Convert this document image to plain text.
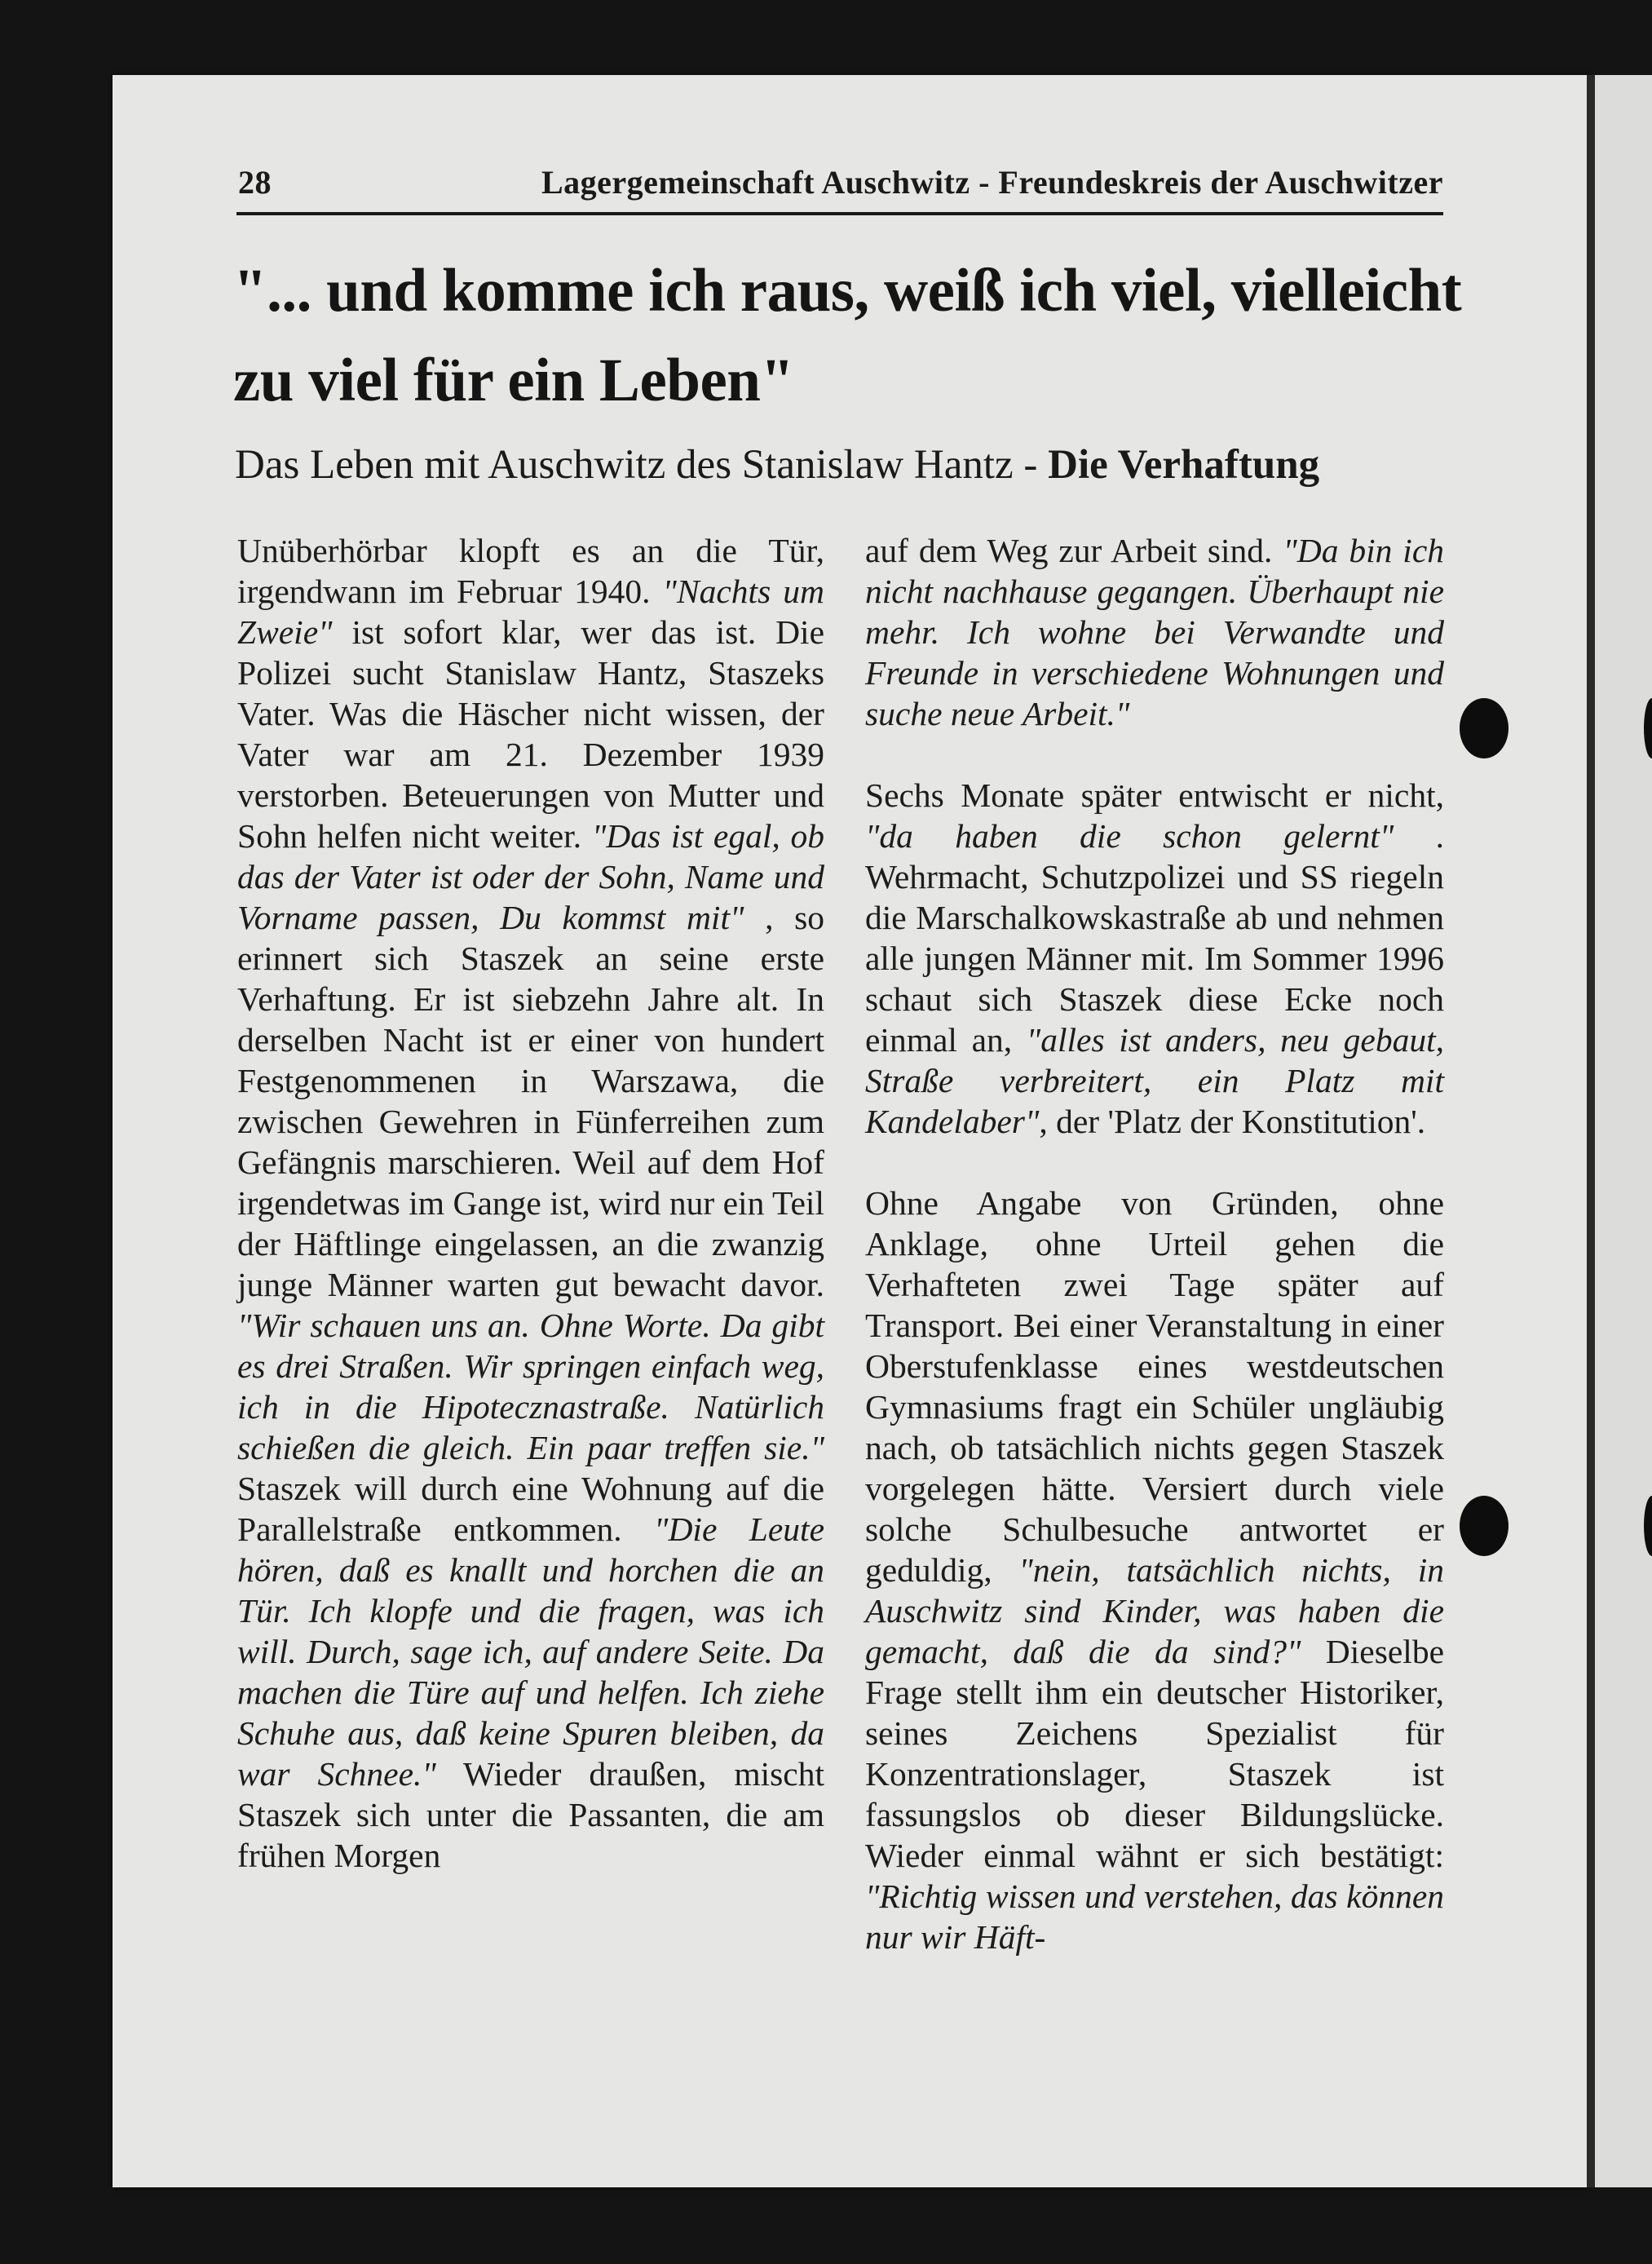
28	Lagergemeinschaft Auschwitz - Freundeskreis der Auschwitzer
"... und komme ich raus, weiß ich viel, vielleicht
zu viel für ein Leben"

Das Leben mit Auschwitz des Stanislaw Hantz - Die Verhaftung

Unüberhörbar klopft es an die Tür, irgendwann im Februar 1940. "Nachts um Zweie" ist sofort klar, wer das ist. Die Polizei sucht Stanislaw Hantz, Staszeks Vater. Was die Häscher nicht wissen, der Vater war am 21. Dezember 1939 verstorben. Beteuerungen von Mutter und Sohn helfen nicht weiter. "Das ist egal, ob das der Vater ist oder der Sohn, Name und Vorname passen, Du kommst mit" , so erinnert sich Staszek an seine erste Verhaftung. Er ist siebzehn Jahre alt. In derselben Nacht ist er einer von hundert Festgenommenen in Warszawa, die zwischen Gewehren in Fünferreihen zum Gefängnis marschieren. Weil auf dem Hof irgendetwas im Gange ist, wird nur ein Teil der Häftlinge eingelassen, an die zwanzig junge Männer warten gut bewacht davor. "Wir schauen uns an. Ohne Worte. Da gibt es drei Straßen. Wir springen einfach weg, ich in die Hipotecznastraße. Natürlich schießen die gleich. Ein paar treffen sie." Staszek will durch eine Wohnung auf die Parallelstraße entkommen. "Die Leute hören, daß es knallt und horchen die an Tür. Ich klopfe und die fragen, was ich will. Durch, sage ich, auf andere Seite. Da machen die Türe auf und helfen. Ich ziehe Schuhe aus, daß keine Spuren bleiben, da war Schnee." Wieder draußen, mischt Staszek sich unter die Passanten, die am frühen Morgen

auf dem Weg zur Arbeit sind. "Da bin ich nicht nachhause gegangen. Überhaupt nie mehr. Ich wohne bei Verwandte und Freunde in verschiedene Wohnungen und suche neue Arbeit."

Sechs Monate später entwischt er nicht, "da haben die schon gelernt" . Wehrmacht, Schutzpolizei und SS riegeln die Marschalkowskastraße ab und nehmen alle jungen Männer mit. Im Sommer 1996 schaut sich Staszek diese Ecke noch einmal an, "alles ist anders, neu gebaut, Straße verbreitert, ein Platz mit Kandelaber", der 'Platz der Konstitution'.

Ohne Angabe von Gründen, ohne Anklage, ohne Urteil gehen die Verhafteten zwei Tage später auf Transport. Bei einer Veranstaltung in einer Oberstufenklasse eines westdeutschen Gymnasiums fragt ein Schüler ungläubig nach, ob tatsächlich nichts gegen Staszek vorgelegen hätte. Versiert durch viele solche Schulbesuche antwortet er geduldig, "nein, tatsächlich nichts, in Auschwitz sind Kinder, was haben die gemacht, daß die da sind?" Dieselbe Frage stellt ihm ein deutscher Historiker, seines Zeichens Spezialist für Konzentrationslager, Staszek ist fassungslos ob dieser Bildungslücke. Wieder einmal wähnt er sich bestätigt: "Richtig wissen und verstehen, das können nur wir Häft-
